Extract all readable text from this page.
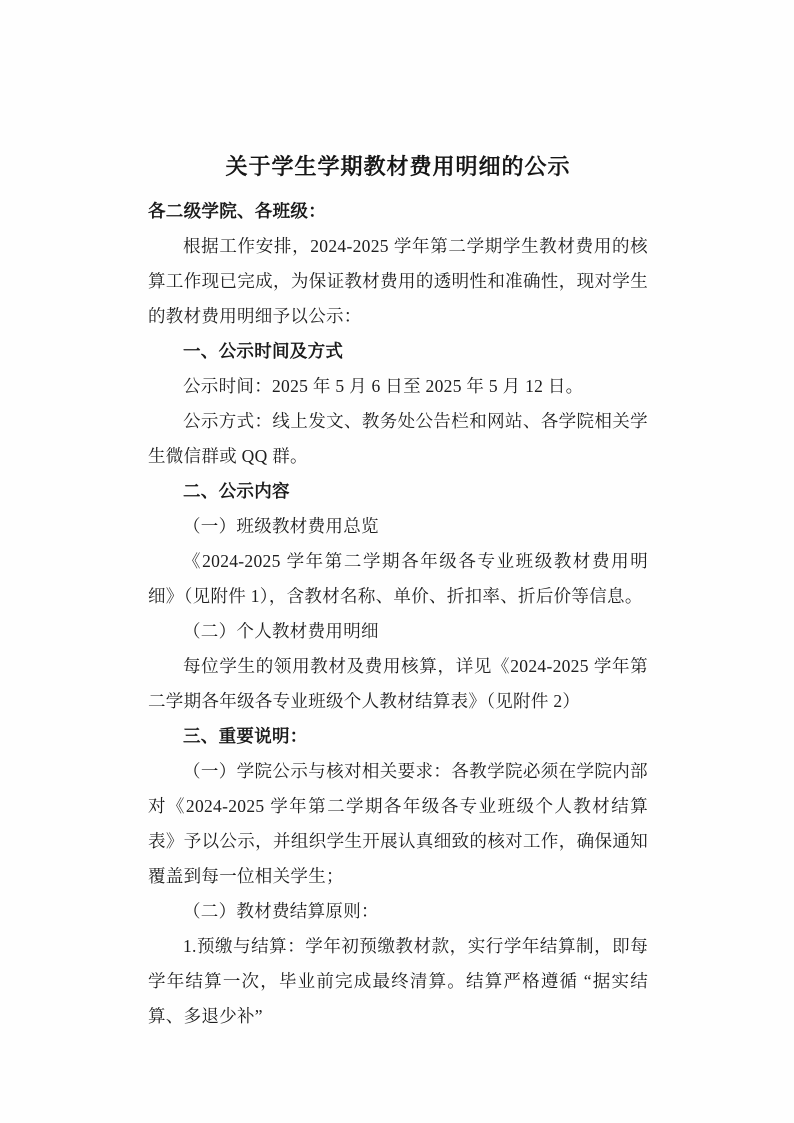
关于学生学期教材费用明细的公示

各二级学院、各班级：

根据工作安排，2024-2025 学年第二学期学生教材费用的核算工作现已完成，为保证教材费用的透明性和准确性，现对学生的教材费用明细予以公示：

一、公示时间及方式

公示时间：2025 年 5 月 6 日至 2025 年 5 月 12 日。

公示方式：线上发文、教务处公告栏和网站、各学院相关学生微信群或 QQ 群。

二、公示内容

（一）班级教材费用总览

《2024-2025 学年第二学期各年级各专业班级教材费用明细》（见附件 1），含教材名称、单价、折扣率、折后价等信息。

（二）个人教材费用明细

每位学生的领用教材及费用核算，详见《2024-2025 学年第二学期各年级各专业班级个人教材结算表》（见附件 2）

三、重要说明：

（一）学院公示与核对相关要求：各教学院必须在学院内部对《2024-2025 学年第二学期各年级各专业班级个人教材结算表》予以公示，并组织学生开展认真细致的核对工作，确保通知覆盖到每一位相关学生；

（二）教材费结算原则：

1.预缴与结算：学年初预缴教材款，实行学年结算制，即每学年结算一次，毕业前完成最终清算。结算严格遵循 “据实结算、多退少补”
